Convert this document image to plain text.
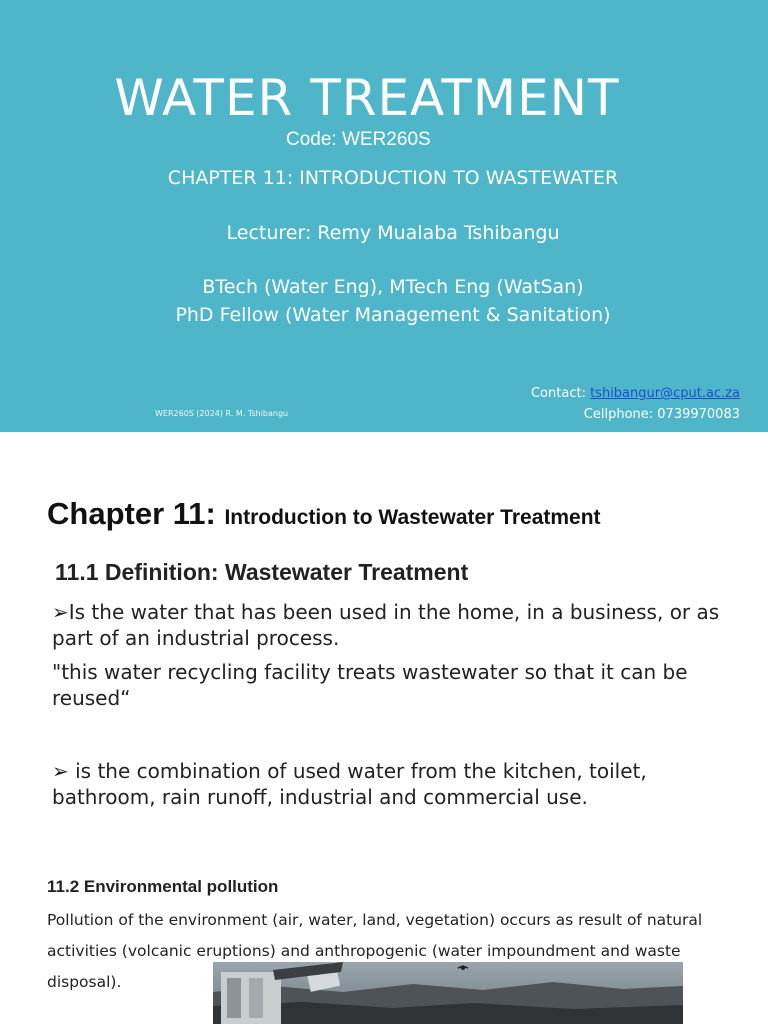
WATER TREATMENT
Code: WER260S
CHAPTER 11: INTRODUCTION TO WASTEWATER
Lecturer: Remy Mualaba Tshibangu
BTech (Water Eng), MTech Eng (WatSan)
PhD Fellow (Water Management & Sanitation)
Contact: tshibangur@cput.ac.za
Cellphone: 0739970083
WER260S (2024) R. M. Tshibangu
Chapter 11: Introduction to Wastewater Treatment
11.1 Definition: Wastewater Treatment
➢Is the water that has been used in the home, in a business, or as part of an industrial process.
"this water recycling facility treats wastewater so that it can be reused“
➢ is the combination of used water from the kitchen, toilet, bathroom, rain runoff, industrial and commercial use.
11.2 Environmental pollution
Pollution of the environment (air, water, land, vegetation) occurs as result of natural activities (volcanic eruptions) and anthropogenic (water impoundment and waste disposal).
